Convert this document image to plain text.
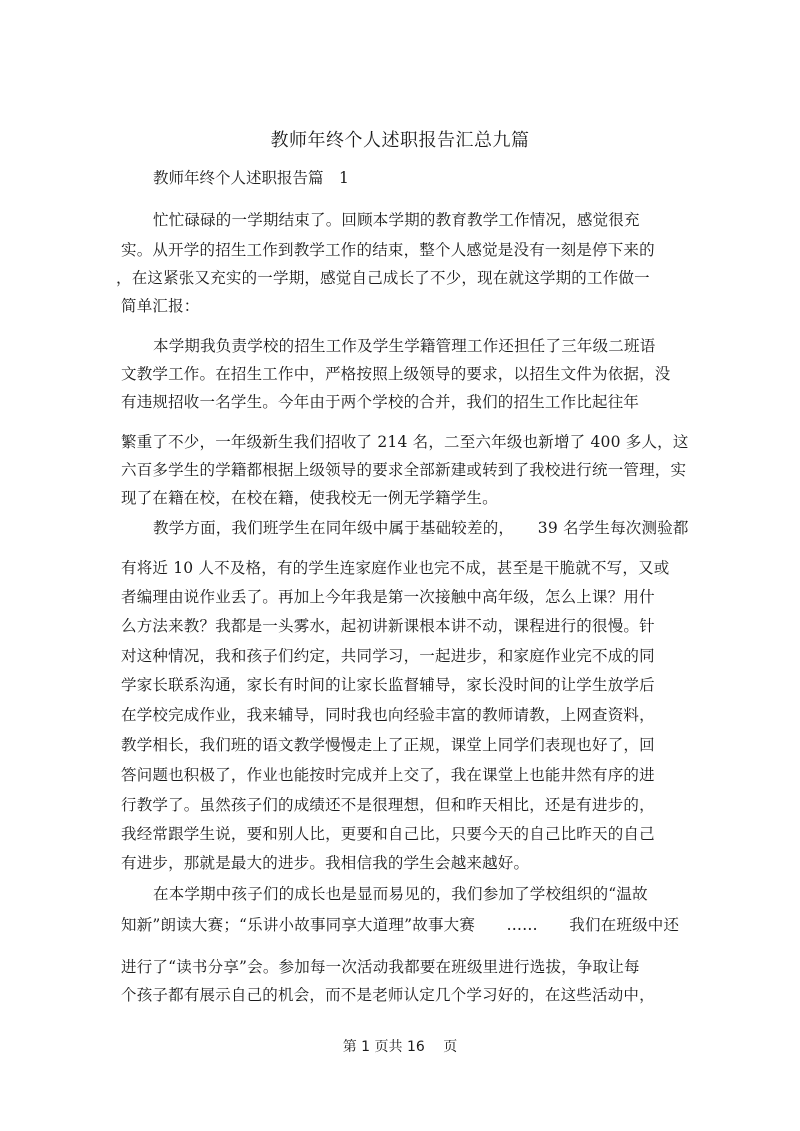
教师年终个人述职报告汇总九篇
教师年终个人述职报告篇　1
忙忙碌碌的一学期结束了。回顾本学期的教育教学工作情况，感觉很充
实。从开学的招生工作到教学工作的结束，整个人感觉是没有一刻是停下来的
，在这紧张又充实的一学期，感觉自己成长了不少，现在就这学期的工作做一
简单汇报：
本学期我负责学校的招生工作及学生学籍管理工作还担任了三年级二班语
文教学工作。在招生工作中，严格按照上级领导的要求，以招生文件为依据，没
有违规招收一名学生。今年由于两个学校的合并，我们的招生工作比起往年
繁重了不少，一年级新生我们招收了 214 名，二至六年级也新增了 400 多人，这
六百多学生的学籍都根据上级领导的要求全部新建或转到了我校进行统一管理，实
现了在籍在校，在校在籍，使我校无一例无学籍学生。
教学方面，我们班学生在同年级中属于基础较差的，　　39 名学生每次测验都
有将近 10 人不及格，有的学生连家庭作业也完不成，甚至是干脆就不写，又或
者编理由说作业丢了。再加上今年我是第一次接触中高年级，怎么上课？用什
么方法来教？我都是一头雾水，起初讲新课根本讲不动，课程进行的很慢。针
对这种情况，我和孩子们约定，共同学习，一起进步，和家庭作业完不成的同
学家长联系沟通，家长有时间的让家长监督辅导，家长没时间的让学生放学后
在学校完成作业，我来辅导，同时我也向经验丰富的教师请教，上网查资料，
教学相长，我们班的语文教学慢慢走上了正规，课堂上同学们表现也好了，回
答问题也积极了，作业也能按时完成并上交了，我在课堂上也能井然有序的进
行教学了。虽然孩子们的成绩还不是很理想，但和昨天相比，还是有进步的，
我经常跟学生说，要和别人比，更要和自己比，只要今天的自己比昨天的自己
有进步，那就是最大的进步。我相信我的学生会越来越好。
在本学期中孩子们的成长也是显而易见的，我们参加了学校组织的“温故
知新”朗读大赛；“乐讲小故事同享大道理”故事大赛　　……　　我们在班级中还
进行了“读书分享”会。参加每一次活动我都要在班级里进行选拔，争取让每
个孩子都有展示自己的机会，而不是老师认定几个学习好的，在这些活动中，
第 1 页共 16　 页
